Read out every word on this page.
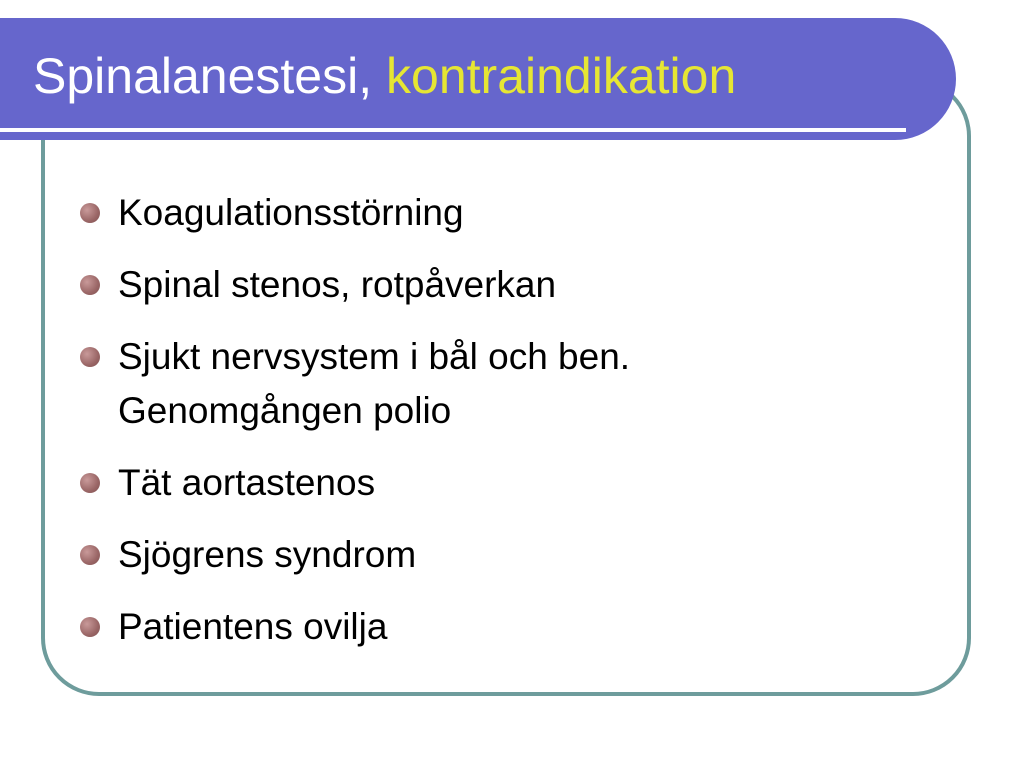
Spinalanestesi, kontraindikation
Koagulationsstörning
Spinal stenos, rotpåverkan
Sjukt nervsystem i bål och ben.
Genomgången polio
Tät aortastenos
Sjögrens syndrom
Patientens ovilja
